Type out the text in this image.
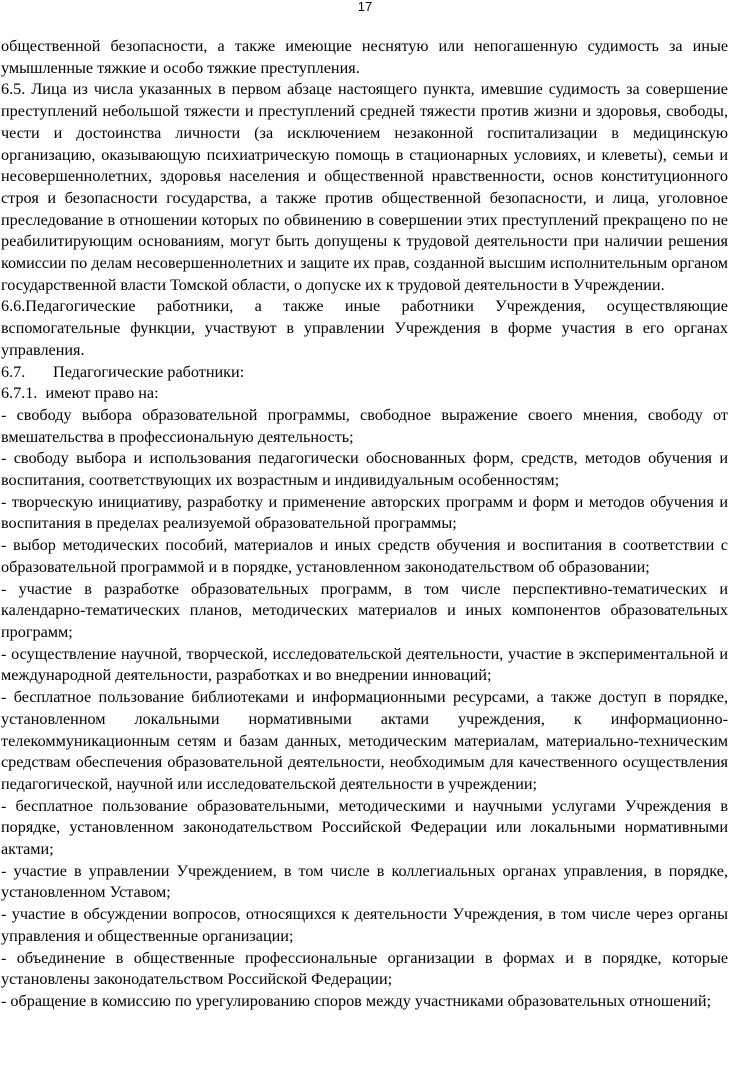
17

общественной безопасности, а также имеющие неснятую или непогашенную судимость за иные умышленные тяжкие и особо тяжкие преступления.

6.5. Лица из числа указанных в первом абзаце настоящего пункта, имевшие судимость за совершение преступлений небольшой тяжести и преступлений средней тяжести против жизни и здоровья, свободы, чести и достоинства личности (за исключением незаконной госпитализации в медицинскую организацию, оказывающую психиатрическую помощь в стационарных условиях, и клеветы), семьи и несовершеннолетних, здоровья населения и общественной нравственности, основ конституционного строя и безопасности государства, а также против общественной безопасности, и лица, уголовное преследование в отношении которых по обвинению в совершении этих преступлений прекращено по не реабилитирующим основаниям, могут быть допущены к трудовой деятельности при наличии решения комиссии по делам несовершеннолетних и защите их прав, созданной высшим исполнительным органом государственной власти Томской области, о допуске их к трудовой деятельности в Учреждении.

6.6.Педагогические работники, а также иные работники Учреждения, осуществляющие вспомогательные функции, участвуют в управлении Учреждения в форме участия в его органах управления.

6.7. Педагогические работники:

6.7.1.  имеют право на:

- свободу выбора образовательной программы, свободное выражение своего мнения, свободу от вмешательства в профессиональную деятельность;

- свободу выбора и использования педагогически обоснованных форм, средств, методов обучения и воспитания, соответствующих их возрастным и индивидуальным особенностям;

- творческую инициативу, разработку и применение авторских программ и форм и методов обучения и воспитания в пределах реализуемой образовательной программы;

- выбор методических пособий, материалов и иных средств обучения и воспитания в соответствии с образовательной программой и в порядке, установленном законодательством об образовании;

- участие в разработке образовательных программ, в том числе перспективно-тематических и календарно-тематических планов, методических материалов и иных компонентов образовательных программ;

- осуществление научной, творческой, исследовательской деятельности, участие в экспериментальной и международной деятельности, разработках и во внедрении инноваций;

- бесплатное пользование библиотеками и информационными ресурсами, а также доступ в порядке, установленном локальными нормативными актами учреждения, к информационно-телекоммуникационным сетям и базам данных, методическим материалам, материально-техническим средствам обеспечения образовательной деятельности, необходимым для качественного осуществления педагогической, научной или исследовательской деятельности в учреждении;

- бесплатное пользование образовательными, методическими и научными услугами Учреждения в порядке, установленном законодательством Российской Федерации или локальными нормативными актами;

- участие в управлении Учреждением, в том числе в коллегиальных органах управления, в порядке, установленном Уставом;

- участие в обсуждении вопросов, относящихся к деятельности Учреждения, в том числе через органы управления и общественные организации;

- объединение в общественные профессиональные организации в формах и в порядке, которые установлены законодательством Российской Федерации;

- обращение в комиссию по урегулированию споров между участниками образовательных отношений;
